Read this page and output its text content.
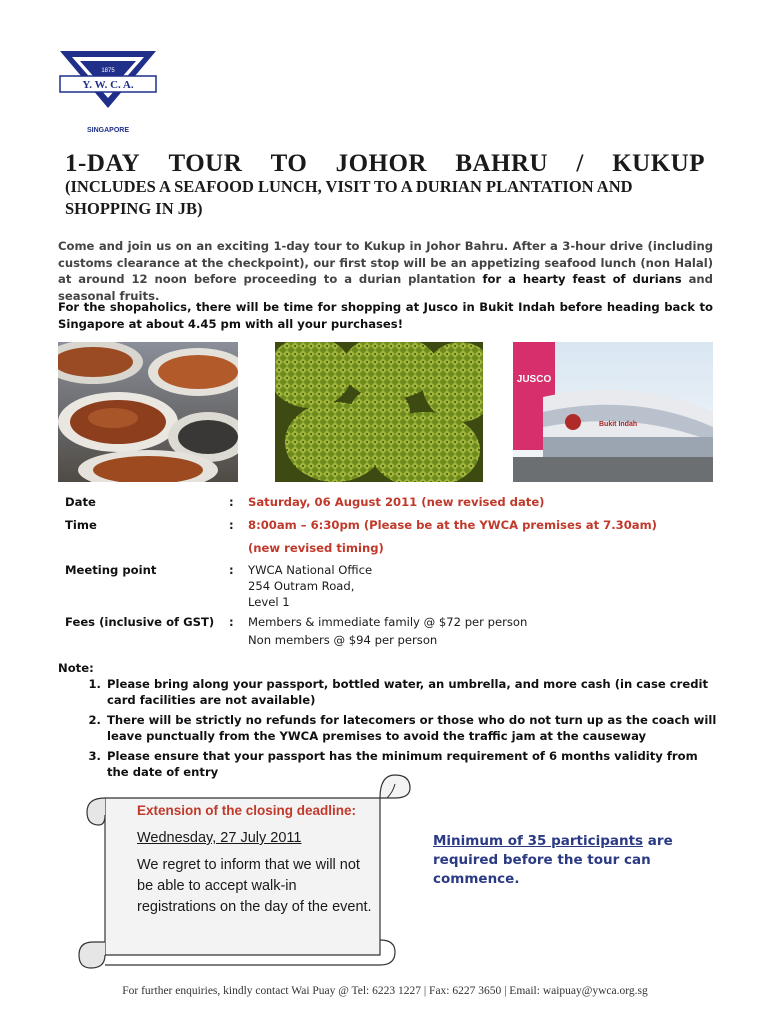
Y. W. C. A.
1875
SINGAPORE
1-DAY TOUR TO JOHOR BAHRU / KUKUP
(INCLUDES A SEAFOOD LUNCH, VISIT TO A DURIAN PLANTATION AND SHOPPING IN JB)
Come and join us on an exciting 1-day tour to Kukup in Johor Bahru. After a 3-hour drive (including customs clearance at the checkpoint), our first stop will be an appetizing seafood lunch (non Halal) at around 12 noon before proceeding to a durian plantation for a hearty feast of durians and seasonal fruits.
For the shopaholics, there will be time for shopping at Jusco in Bukit Indah before heading back to Singapore at about 4.45 pm with all your purchases!
JUSCO
Bukit Indah
Date	: Saturday, 06 August 2011 (new revised date)
Time	: 8:00am – 6:30pm (Please be at the YWCA premises at 7.30am)
(new revised timing)
Meeting point	: YWCA National Office
254 Outram Road,
Level 1
Fees (inclusive of GST)	: Members & immediate family @ $72 per person
Non members @ $94 per person
Note:
1. Please bring along your passport, bottled water, an umbrella, and more cash (in case credit card facilities are not available)
2. There will be strictly no refunds for latecomers or those who do not turn up as the coach will leave punctually from the YWCA premises to avoid the traffic jam at the causeway
3. Please ensure that your passport has the minimum requirement of 6 months validity from the date of entry
Extension of the closing deadline:
Wednesday, 27 July 2011
We regret to inform that we will not be able to accept walk-in registrations on the day of the event.
Minimum of 35 participants are required before the tour can commence.
For further enquiries, kindly contact Wai Puay @ Tel: 6223 1227 | Fax: 6227 3650 | Email: waipuay@ywca.org.sg
